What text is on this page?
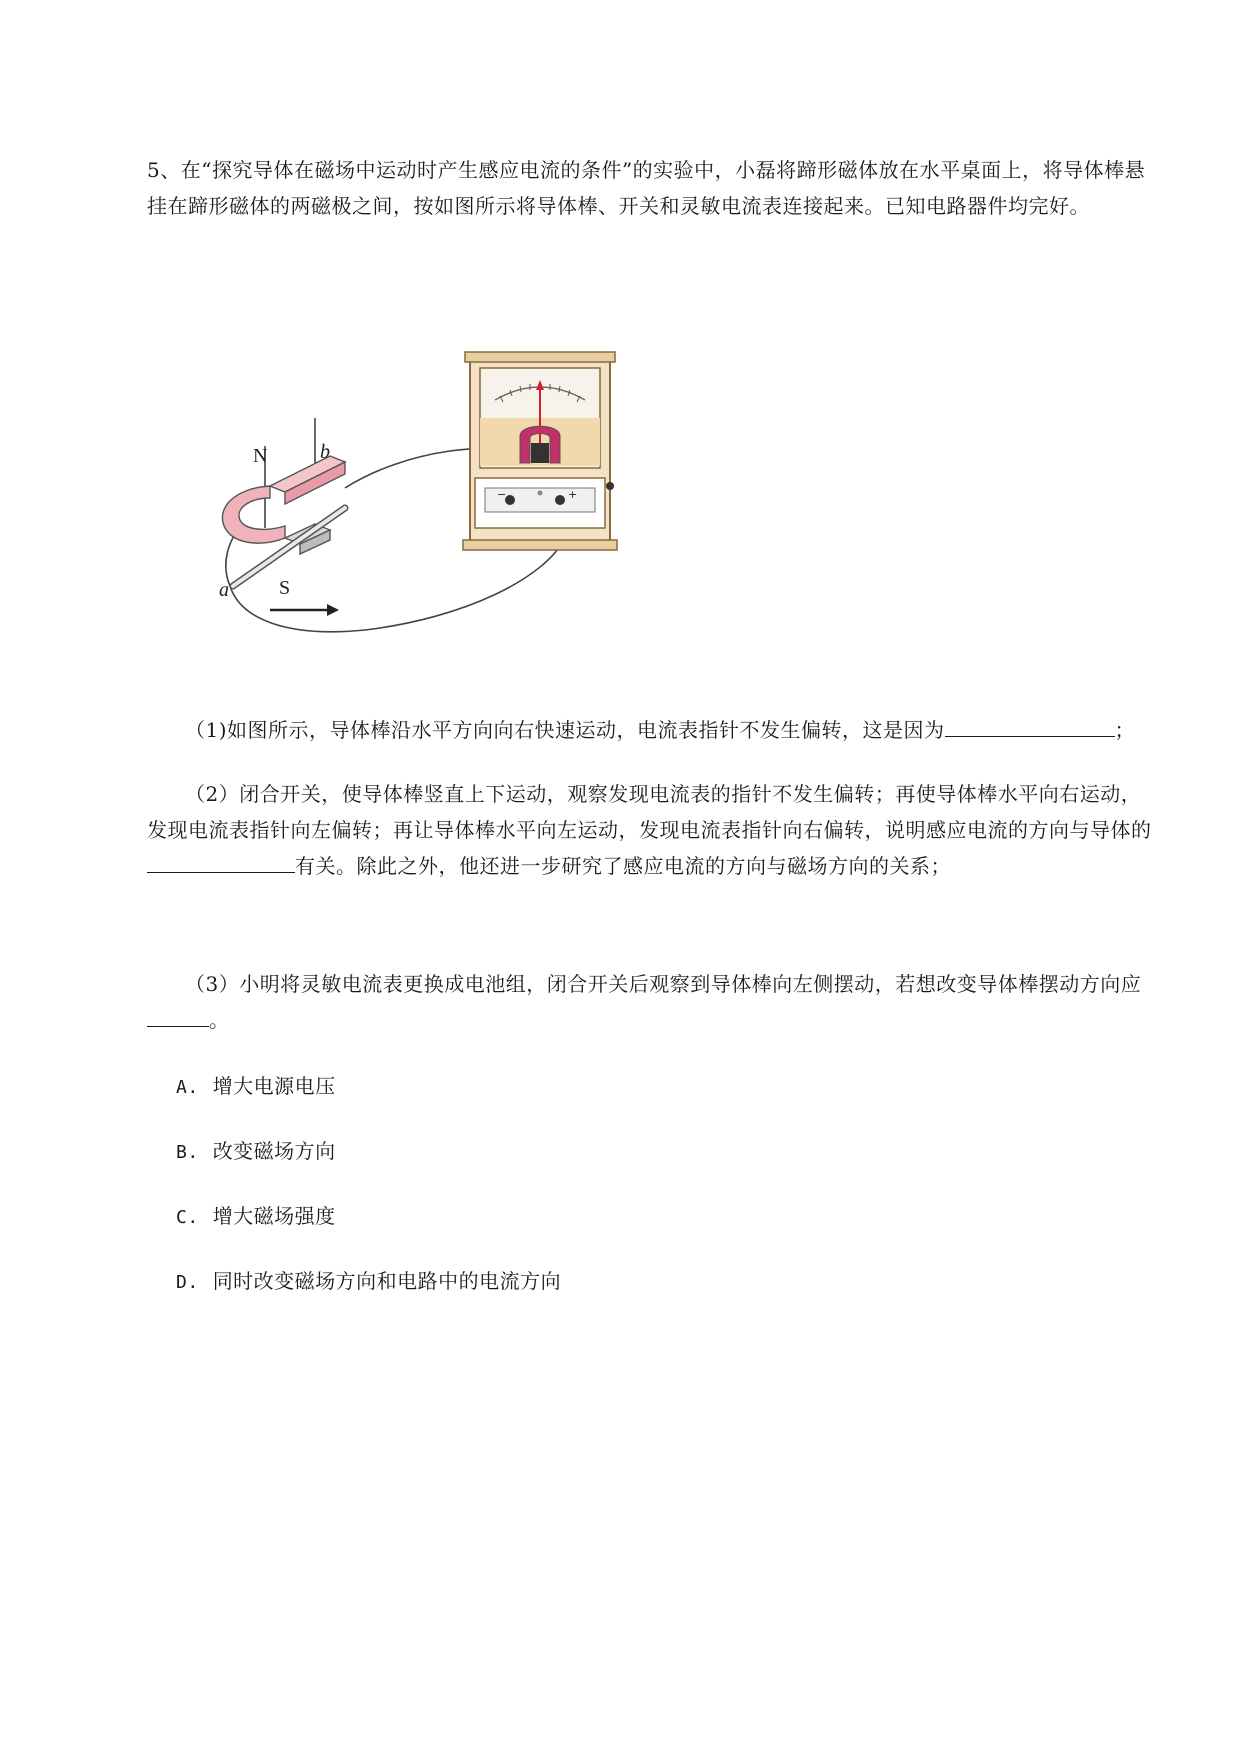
5、在“探究导体在磁场中运动时产生感应电流的条件”的实验中，小磊将蹄形磁体放在水平桌面上，将导体棒悬挂在蹄形磁体的两磁极之间，按如图所示将导体棒、开关和灵敏电流表连接起来。已知电路器件均完好。
N	b
a	S
−	+
（1)如图所示，导体棒沿水平方向向右快速运动，电流表指针不发生偏转，这是因为	；
（2）闭合开关，使导体棒竖直上下运动，观察发现电流表的指针不发生偏转；再使导体棒水平向右运动，发现电流表指针向左偏转；再让导体棒水平向左运动，发现电流表指针向右偏转，说明感应电流的方向与导体的有关。除此之外，他还进一步研究了感应电流的方向与磁场方向的关系；
（3）小明将灵敏电流表更换成电池组，闭合开关后观察到导体棒向左侧摆动，若想改变导体棒摆动方向应。
A. 增大电源电压
B. 改变磁场方向
C. 增大磁场强度
D. 同时改变磁场方向和电路中的电流方向
